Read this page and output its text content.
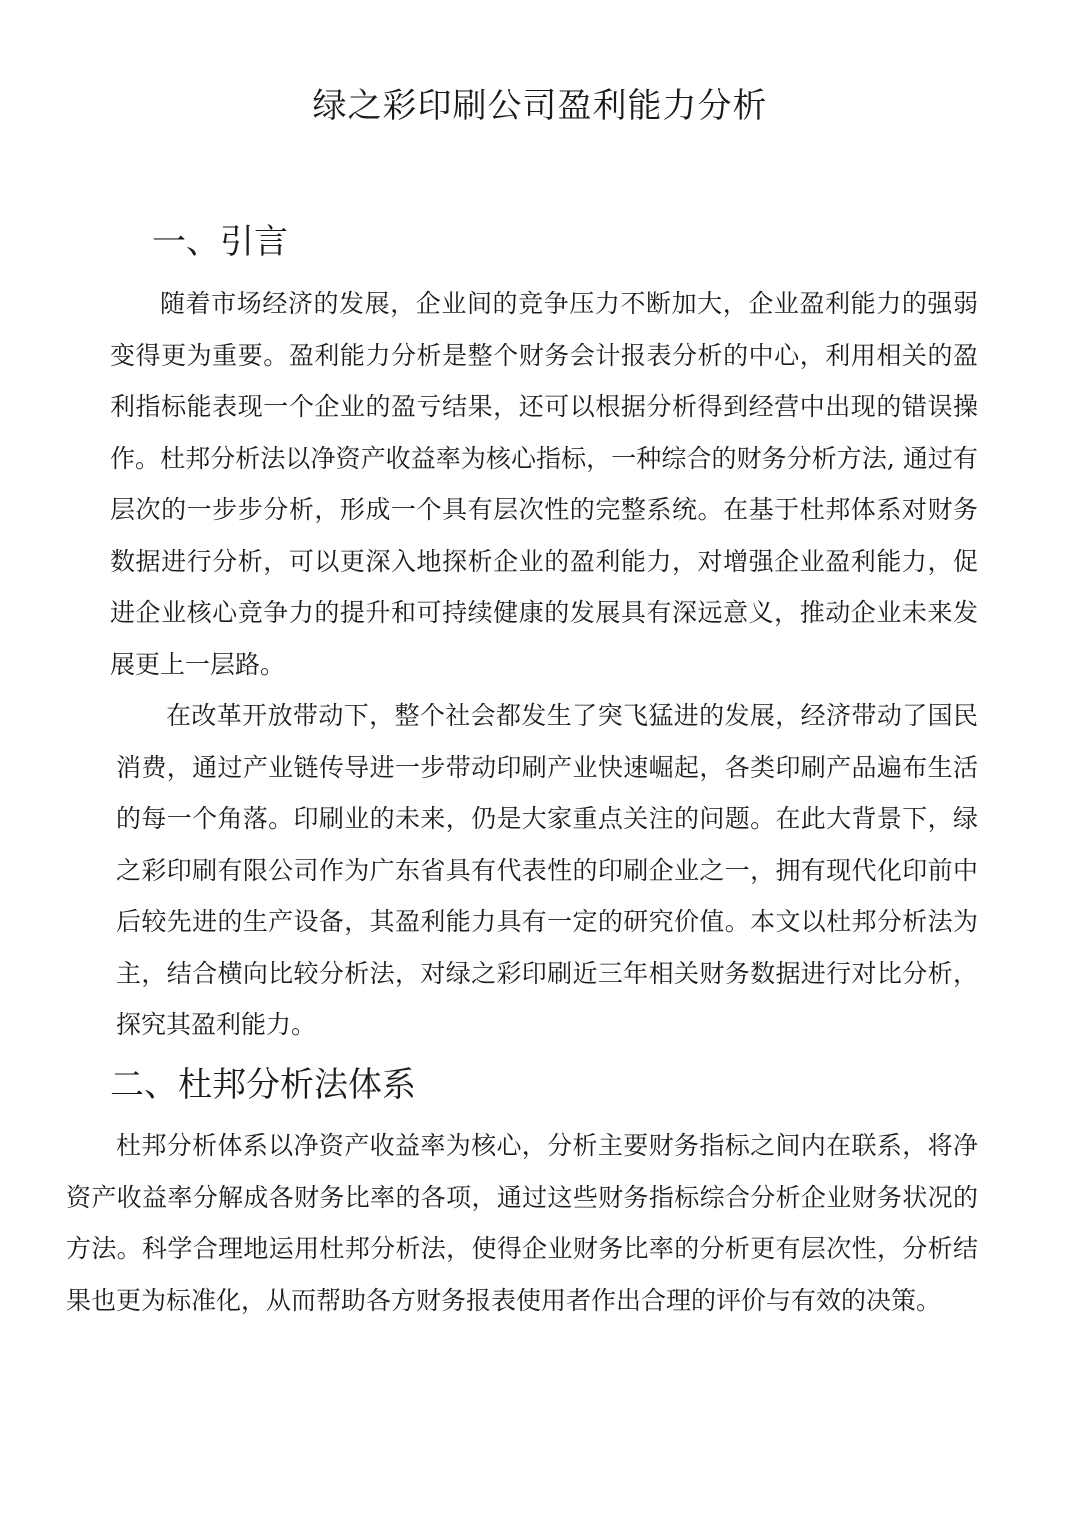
绿之彩印刷公司盈利能力分析
一、引言

随着市场经济的发展，企业间的竞争压力不断加大，企业盈利能力的强弱变得更为重要。盈利能力分析是整个财务会计报表分析的中心，利用相关的盈利指标能表现一个企业的盈亏结果，还可以根据分析得到经营中出现的错误操作。杜邦分析法以净资产收益率为核心指标，一种综合的财务分析方法, 通过有层次的一步步分析，形成一个具有层次性的完整系统。在基于杜邦体系对财务数据进行分析，可以更深入地探析企业的盈利能力，对增强企业盈利能力，促进企业核心竞争力的提升和可持续健康的发展具有深远意义，推动企业未来发展更上一层路。

在改革开放带动下，整个社会都发生了突飞猛进的发展，经济带动了国民消费，通过产业链传导进一步带动印刷产业快速崛起，各类印刷产品遍布生活的每一个角落。印刷业的未来，仍是大家重点关注的问题。在此大背景下，绿之彩印刷有限公司作为广东省具有代表性的印刷企业之一，拥有现代化印前中后较先进的生产设备，其盈利能力具有一定的研究价值。本文以杜邦分析法为主，结合横向比较分析法，对绿之彩印刷近三年相关财务数据进行对比分析，探究其盈利能力。

二、杜邦分析法体系

杜邦分析体系以净资产收益率为核心，分析主要财务指标之间内在联系，将净资产收益率分解成各财务比率的各项，通过这些财务指标综合分析企业财务状况的方法。科学合理地运用杜邦分析法，使得企业财务比率的分析更有层次性，分析结果也更为标准化，从而帮助各方财务报表使用者作出合理的评价与有效的决策。
